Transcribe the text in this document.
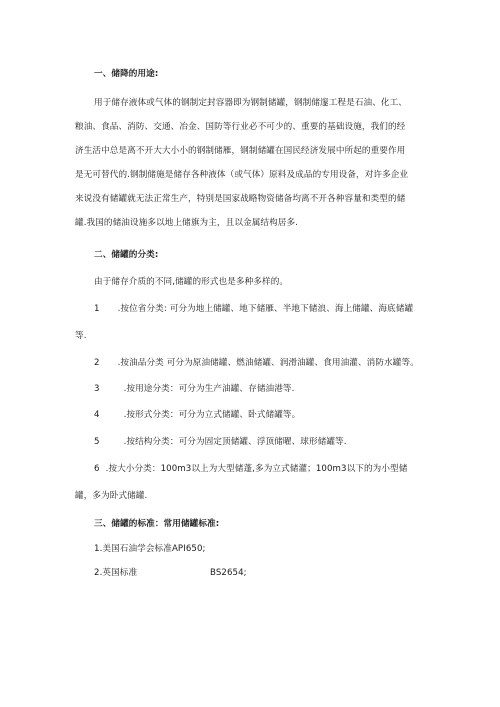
一、储降的用途:

用于储存液体或气体的钢制定封容器即为钢制储罐，钢制储邃工程是石油、化工、

粮油、食品、消防、交通、冶金、国防等行业必不可少的、重要的基础设施，我们的经

济生活中总是离不开大大小小的钢制储雁，钢制储罐在国民经济发展中所起的重要作用

是无可替代的.钢制储施是储存各种液体（或气体）原料及成品的专用设备，对许多企业

来说没有储罐就无法正常生产，特别是国家战略物资储备均离不开各种容量和类型的储

罐.我国的储油设施多以地上储旗为主，且以金属结构居多.

二、储罐的分类:

由于储存介质的不同,储罐的形式也是多种多样的。

1 .按位省分类: 可分为地上储罐、地下储雁、半地下储浪、海上储罐、海底储罐

等.

2 .按油品分类 可分为原油储罐、燃油储罐、润滑油罐、食用油灌、消防水罐等。

3	.按用途分类：可分为生产油罐、存储油港等.

4	.按形式分类：可分为立式储罐、卧式储罐等。

5	.按结构分类：可分为固定顶储罐、浮顶储曜、球形储罐等.

6 .按大小分类：100m3以上为大型储蓬,多为立式储灌；100m3以下的为小型储

罐，多为卧式储罐.

三、储罐的标准：常用储罐标准:

1.美国石油学会标准API650;

2.英国标准	BS2654;
